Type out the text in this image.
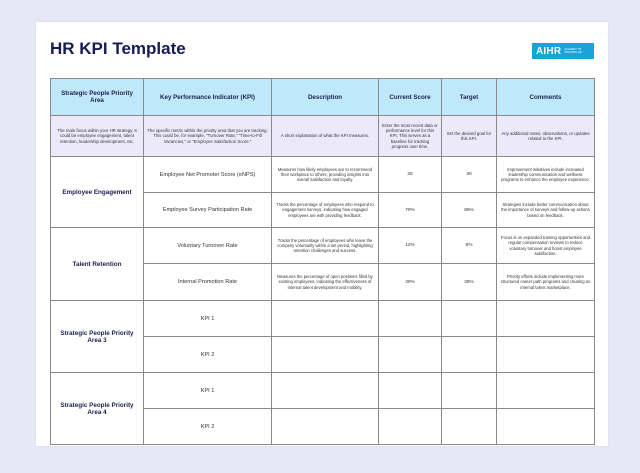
HR KPI Template	AIHR ACADEMY TO INNOVATE HR
Strategic People Priority Area	Key Performance Indicator (KPI)	Description	Current Score	Target	Comments
The main focus within your HR strategy. It could be employee engagement, talent retention, leadership development, etc.	The specific metric within the priority area that you are tracking. This could be, for example, "Turnover Rate," "Time-to-Fill Vacancies," or "Employee Satisfaction Score."	A short explanation of what the KPI measures.	Enter the most recent data or performance level for this KPI. This serves as a baseline for tracking progress over time.	Set the desired goal for this KPI.	Any additional notes, observations, or updates related to the KPI.
Employee Engagement	Employee Net Promoter Score (eNPS)	Measures how likely employees are to recommend their workplace to others, providing insights into overall satisfaction and loyalty.	25	30	Improvement initiatives include increased leadership communication and wellness programs to enhance the employee experience.
	Employee Survey Participation Rate	Tracks the percentage of employees who respond to engagement surveys, indicating how engaged employees are with providing feedback.	70%	85%	Strategies include better communication about the importance of surveys and follow-up actions based on feedback.
Talent Retention	Voluntary Turnover Rate	Tracks the percentage of employees who leave the company voluntarily within a set period, highlighting retention challenges and success.	12%	8%	Focus is on expanded training opportunities and regular compensation reviews to reduce voluntary turnover and boost employee satisfaction.
	Internal Promotion Rate	Measures the percentage of open positions filled by existing employees, indicating the effectiveness of internal talent development and mobility.	30%	38%	Priority efforts include implementing more structured career path programs and creating an internal talent marketplace.
Strategic People Priority Area 3	KPI 1				
	KPI 2				
Strategic People Priority Area 4	KPI 1				
	KPI 2				
